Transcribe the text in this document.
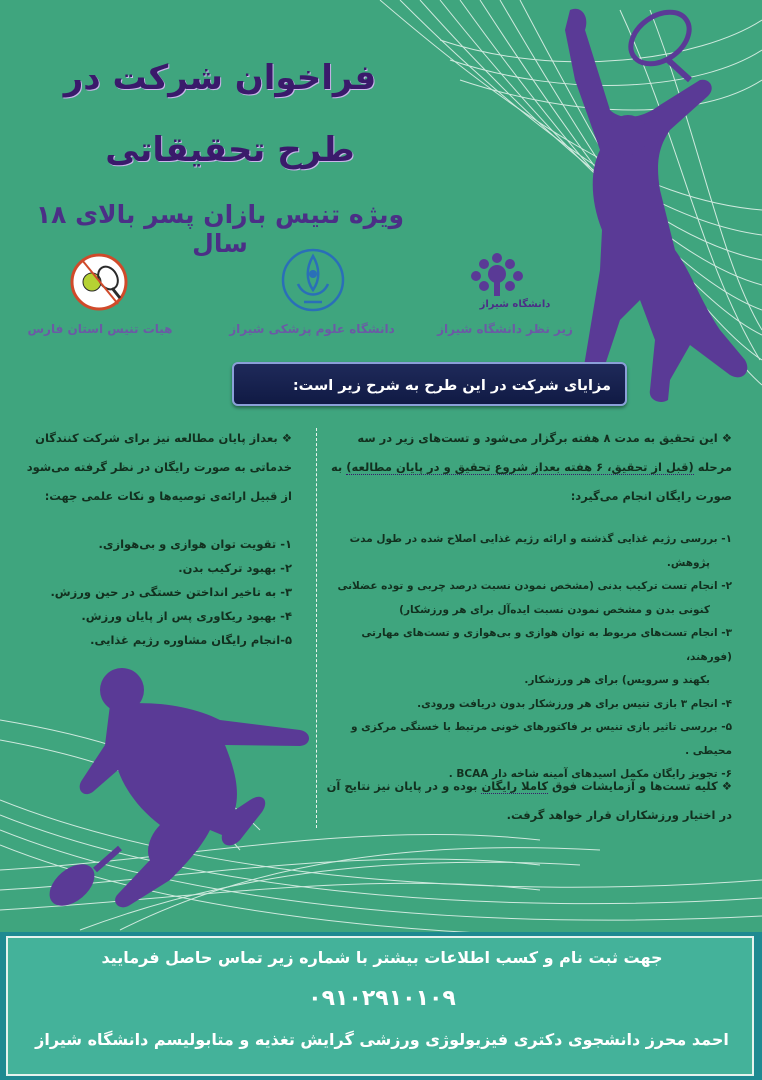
فراخوان شرکت در
طرح تحقیقاتی
ویژه تنیس بازان پسر بالای ۱۸ سال
دانشگاه شیراز
زیر نظر دانشگاه شیراز
دانشگاه علوم پزشکی شیراز
هیات تنیس استان فارس
مزایای شرکت در این طرح به شرح زیر است:
❖ این تحقیق به مدت ۸ هفته برگزار می‌شود و تست‌های زیر در سه مرحله (قبل از تحقیق، ۶ هفته بعداز شروع تحقیق و در پایان مطالعه) به صورت رایگان انجام می‌گیرد:
۱- بررسی رژیم غذایی گذشته و ارائه رژیم غذایی اصلاح شده در طول مدت
پژوهش.
۲- انجام تست ترکیب بدنی (مشخص نمودن نسبت درصد چربی و توده عضلانی
کنونی بدن و مشخص نمودن نسبت ایده‌آل برای هر ورزشکار)
۳- انجام تست‌های مربوط به توان هوازی و بی‌هوازی و تست‌های مهارتی (فورهند،
بکهند و سرویس) برای هر ورزشکار.
۴- انجام ۳ بازی تنیس برای هر ورزشکار بدون دریافت ورودی.
۵- بررسی تاثیر بازی تنیس بر فاکتورهای خونی مرتبط با خستگی مرکزی و محیطی .
۶- تجویز رایگان مکمل اسیدهای آمینه شاخه دار BCAA .
❖ کلیه تست‌ها و آزمایشات فوق کاملا رایگان بوده و در پایان نیز نتایج آن در اختیار ورزشکاران قرار خواهد گرفت.
❖ بعداز پایان مطالعه نیز برای شرکت کنندگان
خدماتی به صورت رایگان در نظر گرفته می‌شود
از قبیل ارائه‌ی توصیه‌ها و نکات علمی جهت:
۱- تقویت توان هوازی و بی‌هوازی.
۲- بهبود ترکیب بدن.
۳- به تاخیر انداختن خستگی در حین ورزش.
۴- بهبود ریکاوری پس از پایان ورزش.
۵-انجام رایگان مشاوره رژیم غذایی.
جهت ثبت نام و کسب اطلاعات بیشتر با شماره زیر تماس حاصل فرمایید
۰۹۱۰۲۹۱۰۱۰۹
احمد محرز دانشجوی دکتری فیزیولوژی ورزشی گرایش تغذیه و متابولیسم دانشگاه شیراز
